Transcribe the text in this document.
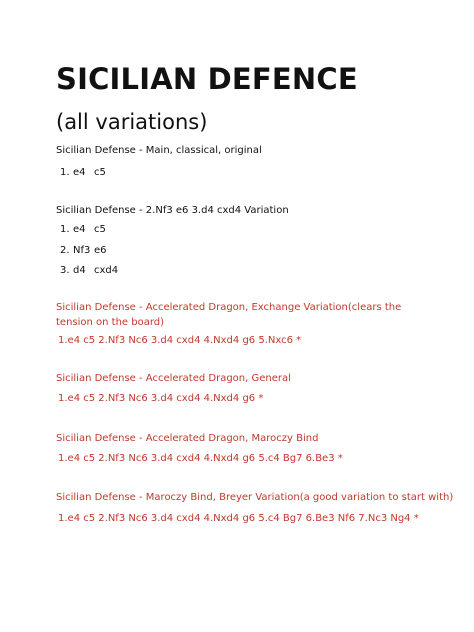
SICILIAN DEFENCE
(all variations)

Sicilian Defense - Main, classical, original

1. e4 c5

Sicilian Defense - 2.Nf3 e6 3.d4 cxd4 Variation

1. e4 c5
2. Nf3 e6
3. d4 cxd4

Sicilian Defense - Accelerated Dragon, Exchange Variation(clears the tension on the board)

1.e4 c5 2.Nf3 Nc6 3.d4 cxd4 4.Nxd4 g6 5.Nxc6 *

Sicilian Defense - Accelerated Dragon, General

1.e4 c5 2.Nf3 Nc6 3.d4 cxd4 4.Nxd4 g6 *

Sicilian Defense - Accelerated Dragon, Maroczy Bind

1.e4 c5 2.Nf3 Nc6 3.d4 cxd4 4.Nxd4 g6 5.c4 Bg7 6.Be3 *

Sicilian Defense - Maroczy Bind, Breyer Variation(a good variation to start with)

1.e4 c5 2.Nf3 Nc6 3.d4 cxd4 4.Nxd4 g6 5.c4 Bg7 6.Be3 Nf6 7.Nc3 Ng4 *
